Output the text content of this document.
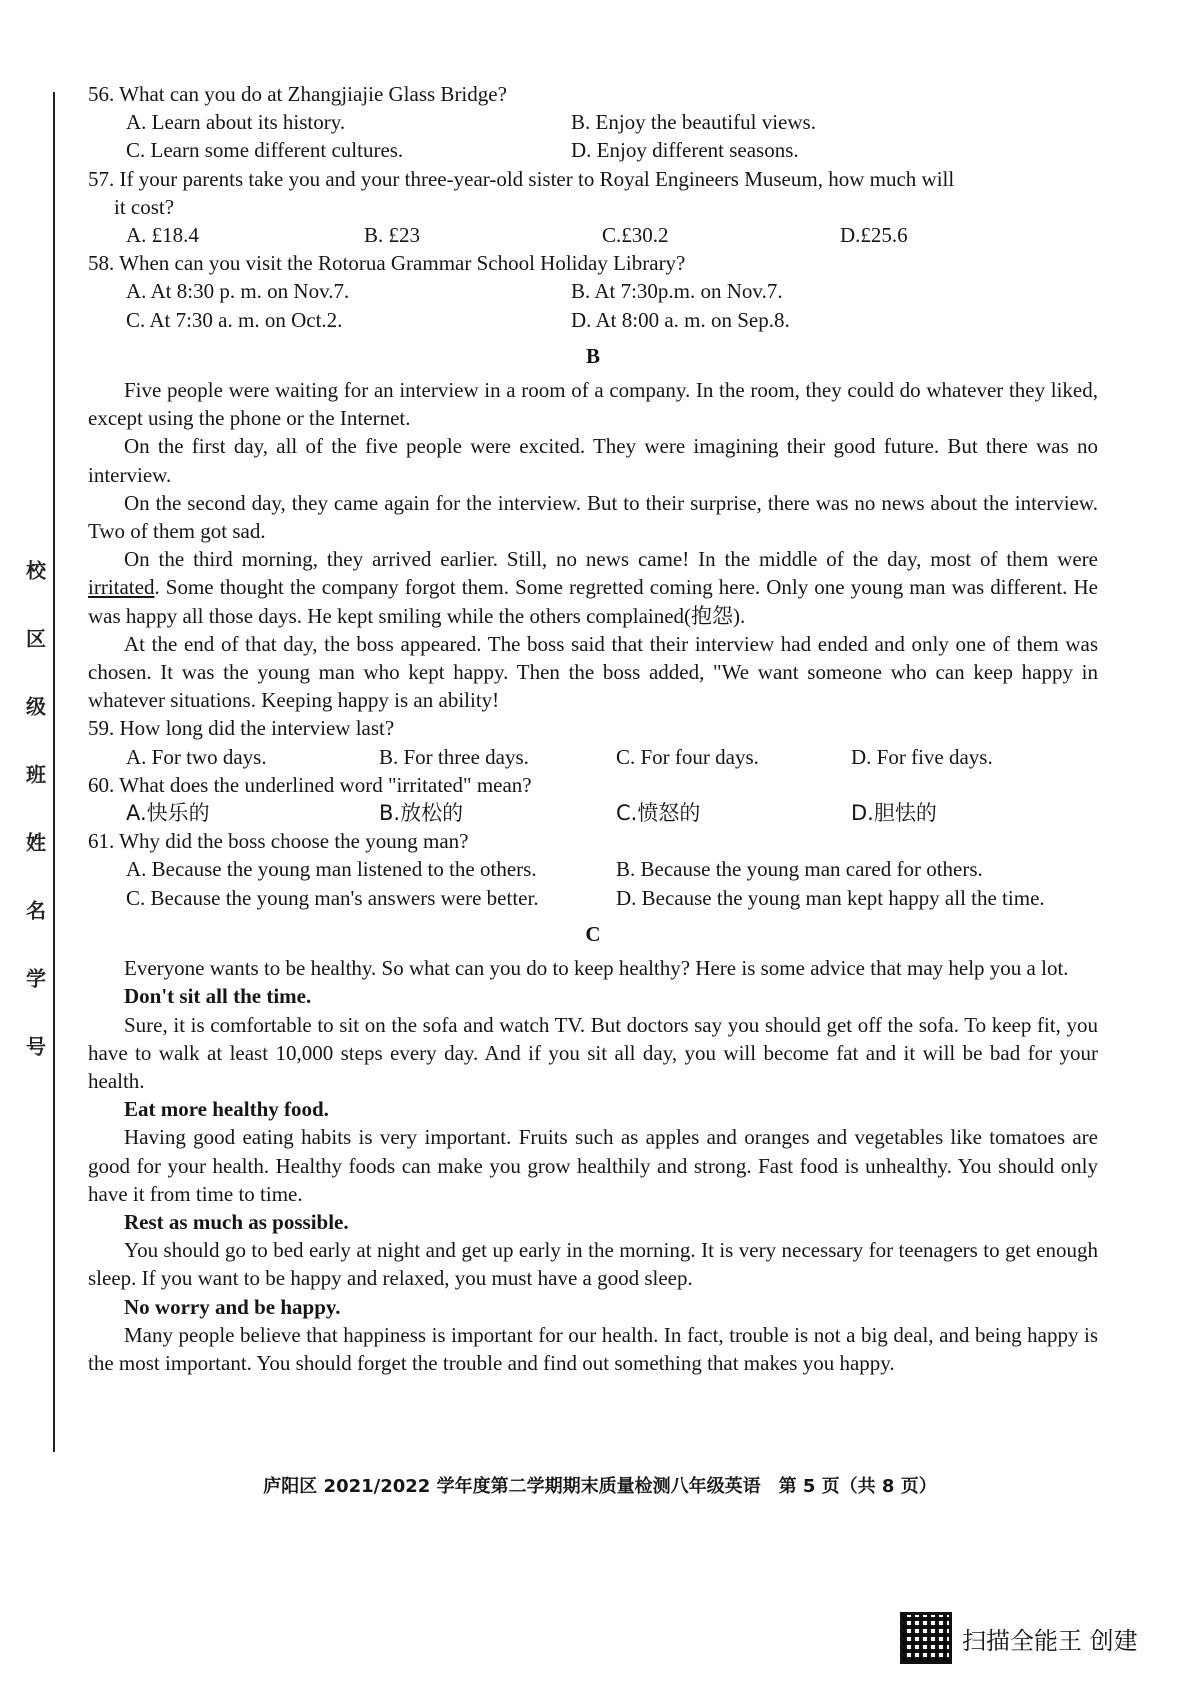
校
区
级
班
姓
名
学
号

56. What can you do at Zhangjiajie Glass Bridge?

A. Learn about its history.	B. Enjoy the beautiful views.
C. Learn some different cultures.	D. Enjoy different seasons.

57. If your parents take you and your three-year-old sister to Royal Engineers Museum, how much will
it cost?

A. £18.4	B. £23	C.£30.2	D.£25.6

58. When can you visit the Rotorua Grammar School Holiday Library?

A. At 8:30 p. m. on Nov.7.	B. At 7:30p.m. on Nov.7.
C. At 7:30 a. m. on Oct.2.	D. At 8:00 a. m. on Sep.8.
B

Five people were waiting for an interview in a room of a company. In the room, they could do whatever they liked, except using the phone or the Internet.

On the first day, all of the five people were excited. They were imagining their good future. But there was no interview.

On the second day, they came again for the interview. But to their surprise, there was no news about the interview. Two of them got sad.

On the third morning, they arrived earlier. Still, no news came! In the middle of the day, most of them were irritated. Some thought the company forgot them. Some regretted coming here. Only one young man was different. He was happy all those days. He kept smiling while the others complained(抱怨).

At the end of that day, the boss appeared. The boss said that their interview had ended and only one of them was chosen. It was the young man who kept happy. Then the boss added, "We want someone who can keep happy in whatever situations. Keeping happy is an ability!

59. How long did the interview last?

A. For two days.	B. For three days.	C. For four days.	D. For five days.

60. What does the underlined word "irritated" mean?

A.快乐的	B.放松的	C.愤怒的	D.胆怯的

61. Why did the boss choose the young man?

A. Because the young man listened to the others.	B. Because the young man cared for others.
C. Because the young man's answers were better.	D. Because the young man kept happy all the time.
C

Everyone wants to be healthy. So what can you do to keep healthy? Here is some advice that may help you a lot.

Don't sit all the time.

Sure, it is comfortable to sit on the sofa and watch TV. But doctors say you should get off the sofa. To keep fit, you have to walk at least 10,000 steps every day. And if you sit all day, you will become fat and it will be bad for your health.

Eat more healthy food.

Having good eating habits is very important. Fruits such as apples and oranges and vegetables like tomatoes are good for your health. Healthy foods can make you grow healthily and strong. Fast food is unhealthy. You should only have it from time to time.

Rest as much as possible.

You should go to bed early at night and get up early in the morning. It is very necessary for teenagers to get enough sleep. If you want to be happy and relaxed, you must have a good sleep.

No worry and be happy.

Many people believe that happiness is important for our health. In fact, trouble is not a big deal, and being happy is the most important. You should forget the trouble and find out something that makes you happy.

庐阳区 2021/2022 学年度第二学期期末质量检测八年级英语　第 5 页（共 8 页）
扫描全能王 创建
